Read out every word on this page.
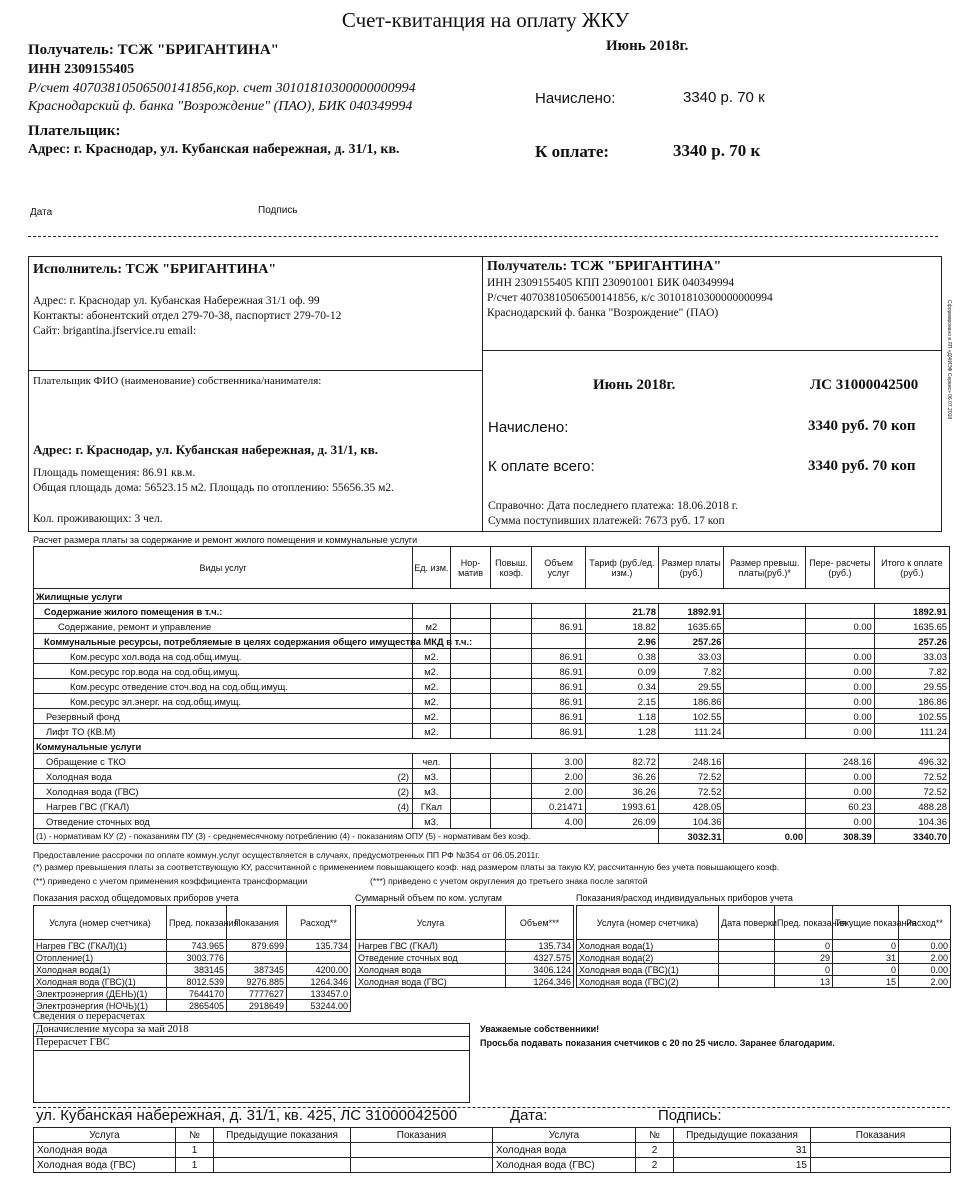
Счет-квитанция на оплату ЖКУ
Получатель: ТСЖ "БРИГАНТИНА"
ИНН 2309155405
Р/счет 40703810506500141856,кор. счет 30101810300000000994
Краснодарский ф. банка "Возрождение" (ПАО), БИК 040349994
Плательщик:
Адрес: г. Краснодар, ул. Кубанская набережная, д. 31/1, кв.
Июнь 2018г.
Начислено:	3340 р. 70 к
К оплате:	3340 р. 70 к
Дата	Подпись
Исполнитель: ТСЖ "БРИГАНТИНА"
Адрес: г. Краснодар ул. Кубанская Набережная 31/1 оф. 99
Контакты: абонентский отдел 279-70-38, паспортист 279-70-12
Сайт: brigantina.jfservice.ru email:
Получатель: ТСЖ "БРИГАНТИНА"
ИНН 2309155405 КПП 230901001 БИК 040349994
Р/счет 40703810506500141856, к/с 30101810300000000994
Краснодарский ф. банка "Возрождение" (ПАО)
Плательщик ФИО (наименование) собственника/нанимателя:
Адрес: г. Краснодар, ул. Кубанская набережная, д. 31/1, кв.
Площадь помещения: 86.91 кв.м.
Общая площадь дома: 56523.15 м2. Площадь по отоплению: 55656.35 м2.
Кол. проживающих: 3 чел.
Июнь 2018г.	ЛС 31000042500
Начислено:	3340 руб. 70 коп
К оплате всего:	3340 руб. 70 коп
Справочно: Дата последнего платежа: 18.06.2018 г.
Сумма поступивших платежей: 7673 руб. 17 коп
Сформировано в ЛП «ДЖИЭФ Сервис» 06.07.2018
Расчет размера платы за содержание и ремонт жилого помещения и коммунальные услуги
Виды услуг	Ед. изм.	Нор- матив	Повыш. коэф.	Объем услуг	Тариф (руб./ед. изм.)	Размер платы (руб.)	Размер превыш. платы(руб.)*	Пере- расчеты (руб.)	Итого к оплате (руб.)
Жилищные услуги									
Содержание жилого помещения в т.ч.:					21.78	1892.91			1892.91
Содержание, ремонт и управление	м2			86.91	18.82	1635.65		0.00	1635.65
Коммунальные ресурсы, потребляемые в целях содержания общего имущества МКД в т.ч.:					2.96	257.26			257.26
Ком.ресурс хол.вода на сод.общ.имущ.	м2.			86.91	0.38	33.03		0.00	33.03
Ком.ресурс гор.вода на сод.общ.имущ.	м2.			86.91	0.09	7.82		0.00	7.82
Ком.ресурс отведение сточ.вод на сод.общ.имущ.	м2.			86.91	0.34	29.55		0.00	29.55
Ком.ресурс эл.энерг. на сод.общ.имущ.	м2.			86.91	2.15	186.86		0.00	186.86
Резервный фонд	м2.			86.91	1.18	102.55		0.00	102.55
Лифт ТО (КВ.М)	м2.			86.91	1.28	111.24		0.00	111.24
Коммунальные услуги									
Обращение с ТКО	чел.			3.00	82.72	248.16		248.16	496.32
Холодная вода (2)	м3.			2.00	36.26	72.52		0.00	72.52
Холодная вода (ГВС) (2)	м3.			2.00	36.26	72.52		0.00	72.52
Нагрев ГВС (ГКАЛ) (4)	ГКал			0.21471	1993.61	428.05		60.23	488.28
Отведение сточных вод	м3.			4.00	26.09	104.36		0.00	104.36
(1) - нормативам КУ (2) - показаниям ПУ (3) - среднемесячному потреблению (4) - показаниям ОПУ (5) - нормативам без коэф.						3032.31	0.00	308.39	3340.70
Предоставление рассрочки по оплате коммун.услуг осуществляется в случаях, предусмотренных ПП РФ №354 от 06.05.2011г.
(*) размер превышения платы за соответствующую КУ, рассчитанной с применением повышающего коэф. над размером платы за такую КУ, рассчитанную без учета повышающего коэф.
(**) приведено с учетом применения коэффициента трансформации	(***) приведено с учетом округления до третьего знака после запятой
Показания расход общедомовых приборов учета	Суммарный объем по ком. услугам	Показания/расход индивидуальных приборов учета
Услуга (номер счетчика)	Пред. показания	Показания	Расход**
Нагрев ГВС (ГКАЛ)(1)	743.965	879.699	135.734
Отопление(1)	3003.776		
Холодная вода(1)	383145	387345	4200.00
Холодная вода (ГВС)(1)	8012.539	9276.885	1264.346
Электроэнергия (ДЕНЬ)(1)	7644170	7777627	133457.0
Электроэнергия (НОЧЬ)(1)	2865405	2918649	53244.00
Услуга	Объем***
Нагрев ГВС (ГКАЛ)	135.734
Отведение сточных вод	4327.575
Холодная вода	3406.124
Холодная вода (ГВС)	1264.346
Услуга (номер счетчика)	Дата поверки	Пред. показания	Текущие показания	Расход**
Холодная вода(1)		0	0	0.00
Холодная вода(2)		29	31	2.00
Холодная вода (ГВС)(1)		0	0	0.00
Холодная вода (ГВС)(2)		13	15	2.00
Сведения о перерасчетах
Доначисление мусора за май 2018
Перерасчет ГВС
Уважаемые собственники!
Просьба подавать показания счетчиков с 20 по 25 число. Заранее благодарим.
ул. Кубанская набережная, д. 31/1, кв. 425, ЛС 31000042500	Дата:	Подпись:
Услуга	№	Предыдущие показания	Показания	Услуга	№	Предыдущие показания	Показания
Холодная вода	1			Холодная вода	2	31	
Холодная вода (ГВС)	1			Холодная вода (ГВС)	2	15	
